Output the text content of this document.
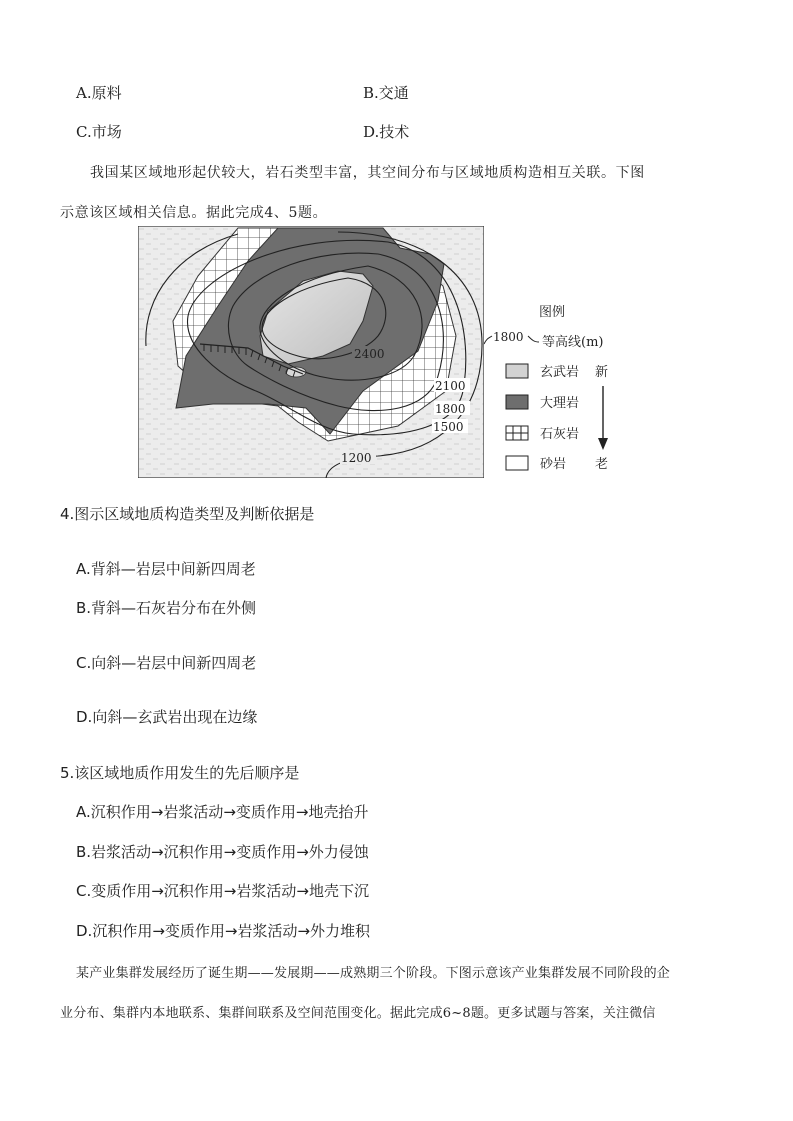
A.原料	B.交通
C.市场	D.技术
我国某区域地形起伏较大，岩石类型丰富，其空间分布与区域地质构造相互关联。下图
示意该区域相关信息。据此完成4、5题。
2400
2100
1800
1500
1200
图例
1800 等高线(m)
玄武岩
大理岩
石灰岩
砂岩
新
老
4.图示区域地质构造类型及判断依据是
A.背斜—岩层中间新四周老
B.背斜—石灰岩分布在外侧
C.向斜—岩层中间新四周老
D.向斜—玄武岩出现在边缘
5.该区域地质作用发生的先后顺序是
A.沉积作用→岩浆活动→变质作用→地壳抬升
B.岩浆活动→沉积作用→变质作用→外力侵蚀
C.变质作用→沉积作用→岩浆活动→地壳下沉
D.沉积作用→变质作用→岩浆活动→外力堆积
某产业集群发展经历了诞生期——发展期——成熟期三个阶段。下图示意该产业集群发展不同阶段的企
业分布、集群内本地联系、集群间联系及空间范围变化。据此完成6~8题。更多试题与答案，关注微信
